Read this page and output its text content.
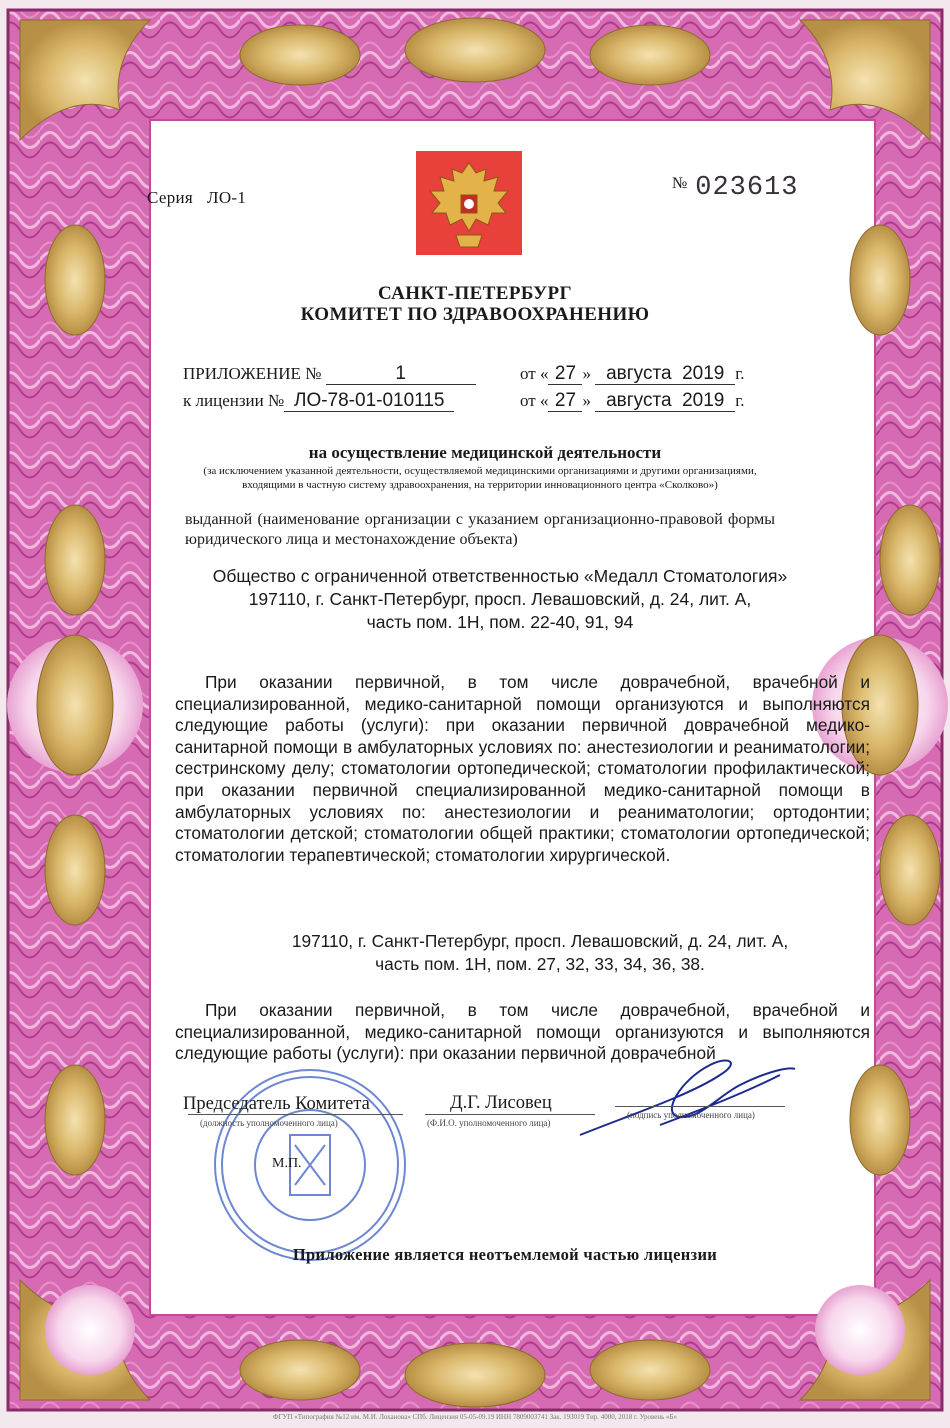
Серия ЛО-1
№ 023613
САНКТ-ПЕТЕРБУРГ
КОМИТЕТ ПО ЗДРАВООХРАНЕНИЮ
ПРИЛОЖЕНИЕ №	1	от « 27 » августа 2019 г.
к лицензии № ЛО-78-01-010115	от « 27 » августа 2019 г.
на осуществление медицинской деятельности
(за исключением указанной деятельности, осуществляемой медицинскими организациями и другими организациями, входящими в частную систему здравоохранения, на территории инновационного центра «Сколково»)
выданной (наименование организации с указанием организационно-правовой формы юридического лица и местонахождение объекта)
Общество с ограниченной ответственностью «Медалл Стоматология»
197110, г. Санкт-Петербург, просп. Левашовский, д. 24, лит. А,
часть пом. 1Н, пом. 22-40, 91, 94
При оказании первичной, в том числе доврачебной, врачебной и специализированной, медико-санитарной помощи организуются и выполняются следующие работы (услуги): при оказании первичной доврачебной медико-санитарной помощи в амбулаторных условиях по: анестезиологии и реаниматологии; сестринскому делу; стоматологии ортопедической; стоматологии профилактической; при оказании первичной специализированной медико-санитарной помощи в амбулаторных условиях по: анестезиологии и реаниматологии; ортодонтии; стоматологии детской; стоматологии общей практики; стоматологии ортопедической; стоматологии терапевтической; стоматологии хирургической.
197110, г. Санкт-Петербург, просп. Левашовский, д. 24, лит. А,
часть пом. 1Н, пом. 27, 32, 33, 34, 36, 38.
При оказании первичной, в том числе доврачебной, врачебной и специализированной, медико-санитарной помощи организуются и выполняются следующие работы (услуги): при оказании первичной доврачебной
Председатель Комитета	Д.Г. Лисовец
(должность уполномоченного лица)	(Ф.И.О. уполномоченного лица)
(подпись уполномоченного лица)
М.П.
Приложение является неотъемлемой частью лицензии
ФГУП «Типография №12 им. М.И. Лоханова» СПб. Лицензия 05-05-09.19 ИНН 7809003741 Зак. 193019 Тир. 4000, 2018 г. Уровень «Б»
